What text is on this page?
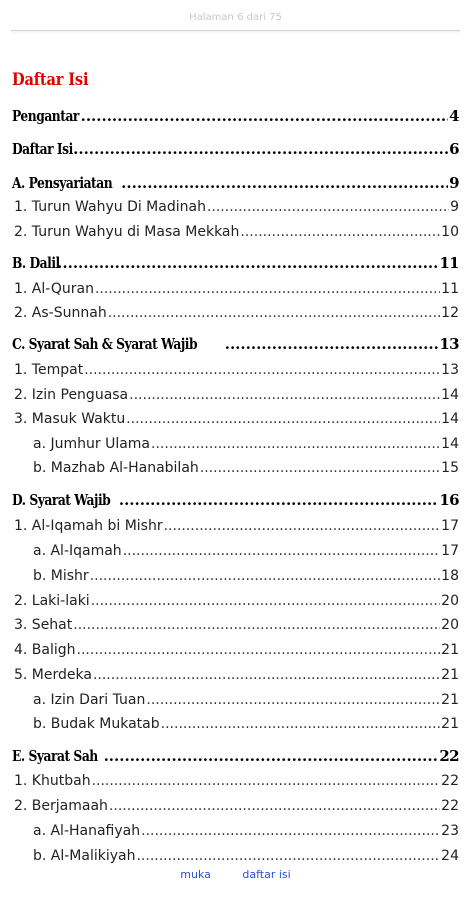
Halaman 6 dari 75
Daftar Isi
Pengantar .....	4
Daftar Isi .....	6
A. Pensyariatan .....	9
1. Turun Wahyu Di Madinah .....	9
2. Turun Wahyu di Masa Mekkah .....	10
B. Dalil .....	11
1. Al-Quran .....	11
2. As-Sunnah .....	12
C. Syarat Sah & Syarat Wajib .....	13
1. Tempat .....	13
2. Izin Penguasa .....	14
3. Masuk Waktu .....	14
a. Jumhur Ulama .....	14
b. Mazhab Al-Hanabilah .....	15
D. Syarat Wajib .....	16
1. Al-Iqamah bi Mishr .....	17
a. Al-Iqamah .....	17
b. Mishr .....	18
2. Laki-laki .....	20
3. Sehat .....	20
4. Baligh .....	21
5. Merdeka .....	21
a. Izin Dari Tuan .....	21
b. Budak Mukatab .....	21
E. Syarat Sah .....	22
1. Khutbah .....	22
2. Berjamaah .....	22
a. Al-Hanafiyah .....	23
b. Al-Malikiyah .....	24
muka	daftar isi
